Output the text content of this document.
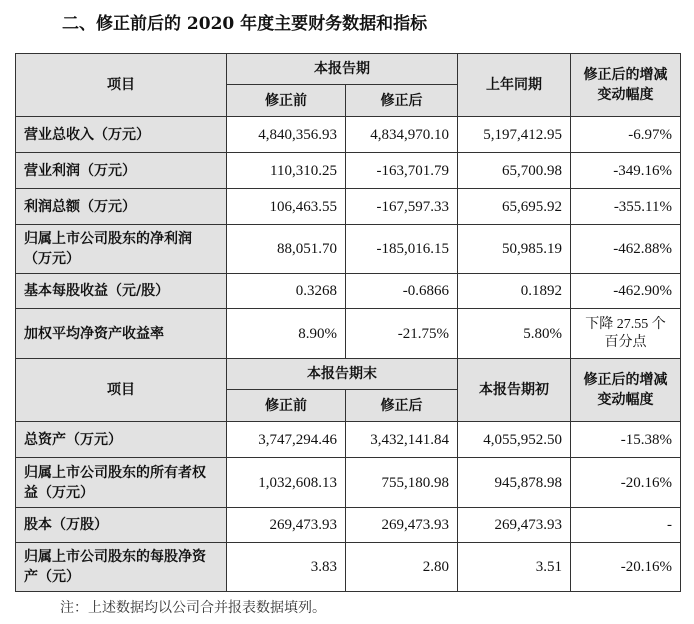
二、修正前后的 2020 年度主要财务数据和指标
项目	本报告期		上年同期	修正后的增减变动幅度
	修正前	修正后		
营业总收入（万元）	4,840,356.93	4,834,970.10	5,197,412.95	-6.97%
营业利润（万元）	110,310.25	-163,701.79	65,700.98	-349.16%
利润总额（万元）	106,463.55	-167,597.33	65,695.92	-355.11%
归属上市公司股东的净利润（万元）	88,051.70	-185,016.15	50,985.19	-462.88%
基本每股收益（元/股）	0.3268	-0.6866	0.1892	-462.90%
加权平均净资产收益率	8.90%	-21.75%	5.80%	下降 27.55 个百分点
项目	本报告期末		本报告期初	修正后的增减变动幅度
	修正前	修正后		
总资产（万元）	3,747,294.46	3,432,141.84	4,055,952.50	-15.38%
归属上市公司股东的所有者权益（万元）	1,032,608.13	755,180.98	945,878.98	-20.16%
股本（万股）	269,473.93	269,473.93	269,473.93	-
归属上市公司股东的每股净资产（元）	3.83	2.80	3.51	-20.16%
注：上述数据均以公司合并报表数据填列。
